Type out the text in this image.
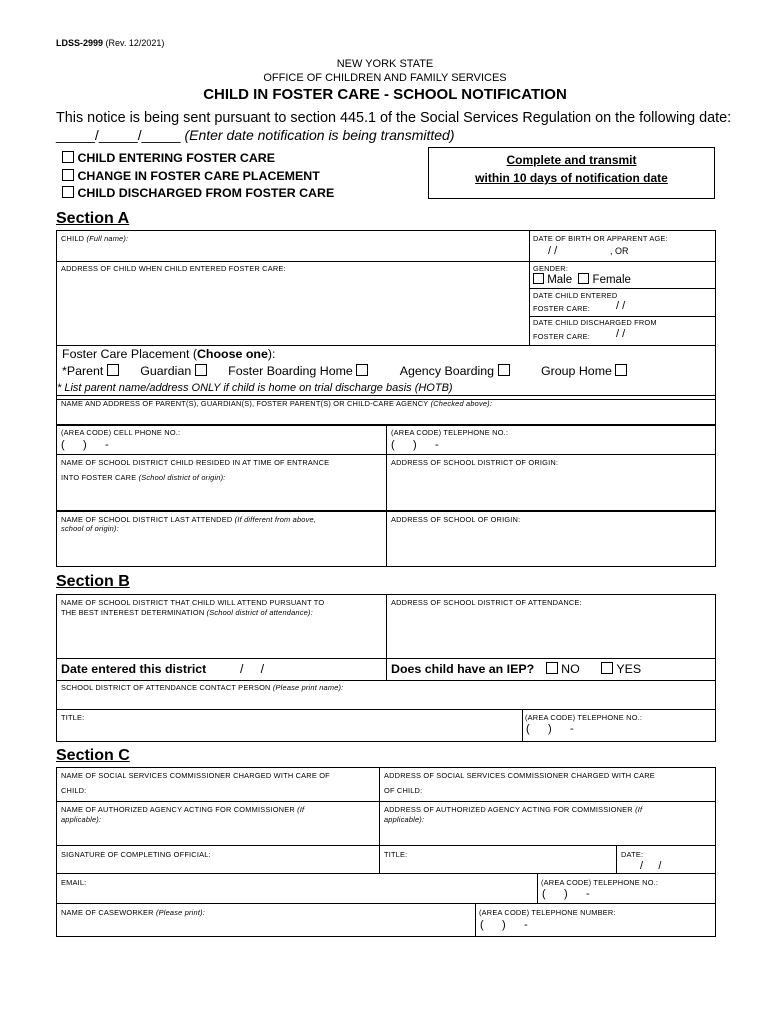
LDSS-2999 (Rev. 12/2021)
NEW YORK STATE
OFFICE OF CHILDREN AND FAMILY SERVICES
CHILD IN FOSTER CARE - SCHOOL NOTIFICATION
This notice is being sent pursuant to section 445.1 of the Social Services Regulation on the following date:
_____/_____/_____ (Enter date notification is being transmitted)
CHILD ENTERING FOSTER CARE
CHANGE IN FOSTER CARE PLACEMENT
CHILD DISCHARGED FROM FOSTER CARE
Complete and transmit
within 10 days of notification date
Section A
CHILD (Full name):	DATE OF BIRTH OR APPARENT AGE:
/ /	, OR
ADDRESS OF CHILD WHEN CHILD ENTERED FOSTER CARE:	GENDER:
Male Female
DATE CHILD ENTERED
FOSTER CARE: / /
DATE CHILD DISCHARGED FROM
FOSTER CARE: / /
Foster Care Placement (Choose one):
*Parent	Guardian	Foster Boarding Home	Agency Boarding	Group Home
* List parent name/address ONLY if child is home on trial discharge basis (HOTB)
NAME AND ADDRESS OF PARENT(S), GUARDIAN(S), FOSTER PARENT(S) OR CHILD-CARE AGENCY (Checked above):
(AREA CODE) CELL PHONE NO.:
(      )      -
(AREA CODE) TELEPHONE NO.:
(      )      -
NAME OF SCHOOL DISTRICT CHILD RESIDED IN AT TIME OF ENTRANCE
INTO FOSTER CARE (School district of origin):
ADDRESS OF SCHOOL DISTRICT OF ORIGIN:
NAME OF SCHOOL DISTRICT LAST ATTENDED (If different from above,
school of origin):
ADDRESS OF SCHOOL OF ORIGIN:
Section B
NAME OF SCHOOL DISTRICT THAT CHILD WILL ATTEND PURSUANT TO
THE BEST INTEREST DETERMINATION (School district of attendance):
ADDRESS OF SCHOOL DISTRICT OF ATTENDANCE:
Date entered this district	/     /	Does child have an IEP? NO	YES
SCHOOL DISTRICT OF ATTENDANCE CONTACT PERSON (Please print name):
TITLE:	(AREA CODE) TELEPHONE NO.:
(      )      -
Section C
NAME OF SOCIAL SERVICES COMMISSIONER CHARGED WITH CARE OF
CHILD:
ADDRESS OF SOCIAL SERVICES COMMISSIONER CHARGED WITH CARE
OF CHILD:
NAME OF AUTHORIZED AGENCY ACTING FOR COMMISSIONER (If
applicable):
ADDRESS OF AUTHORIZED AGENCY ACTING FOR COMMISSIONER (If
applicable):
SIGNATURE OF COMPLETING OFFICIAL:	TITLE:	DATE:
/     /
EMAIL:	(AREA CODE) TELEPHONE NO.:
(      )      -
NAME OF CASEWORKER (Please print):	(AREA CODE) TELEPHONE NUMBER:
(      )      -
